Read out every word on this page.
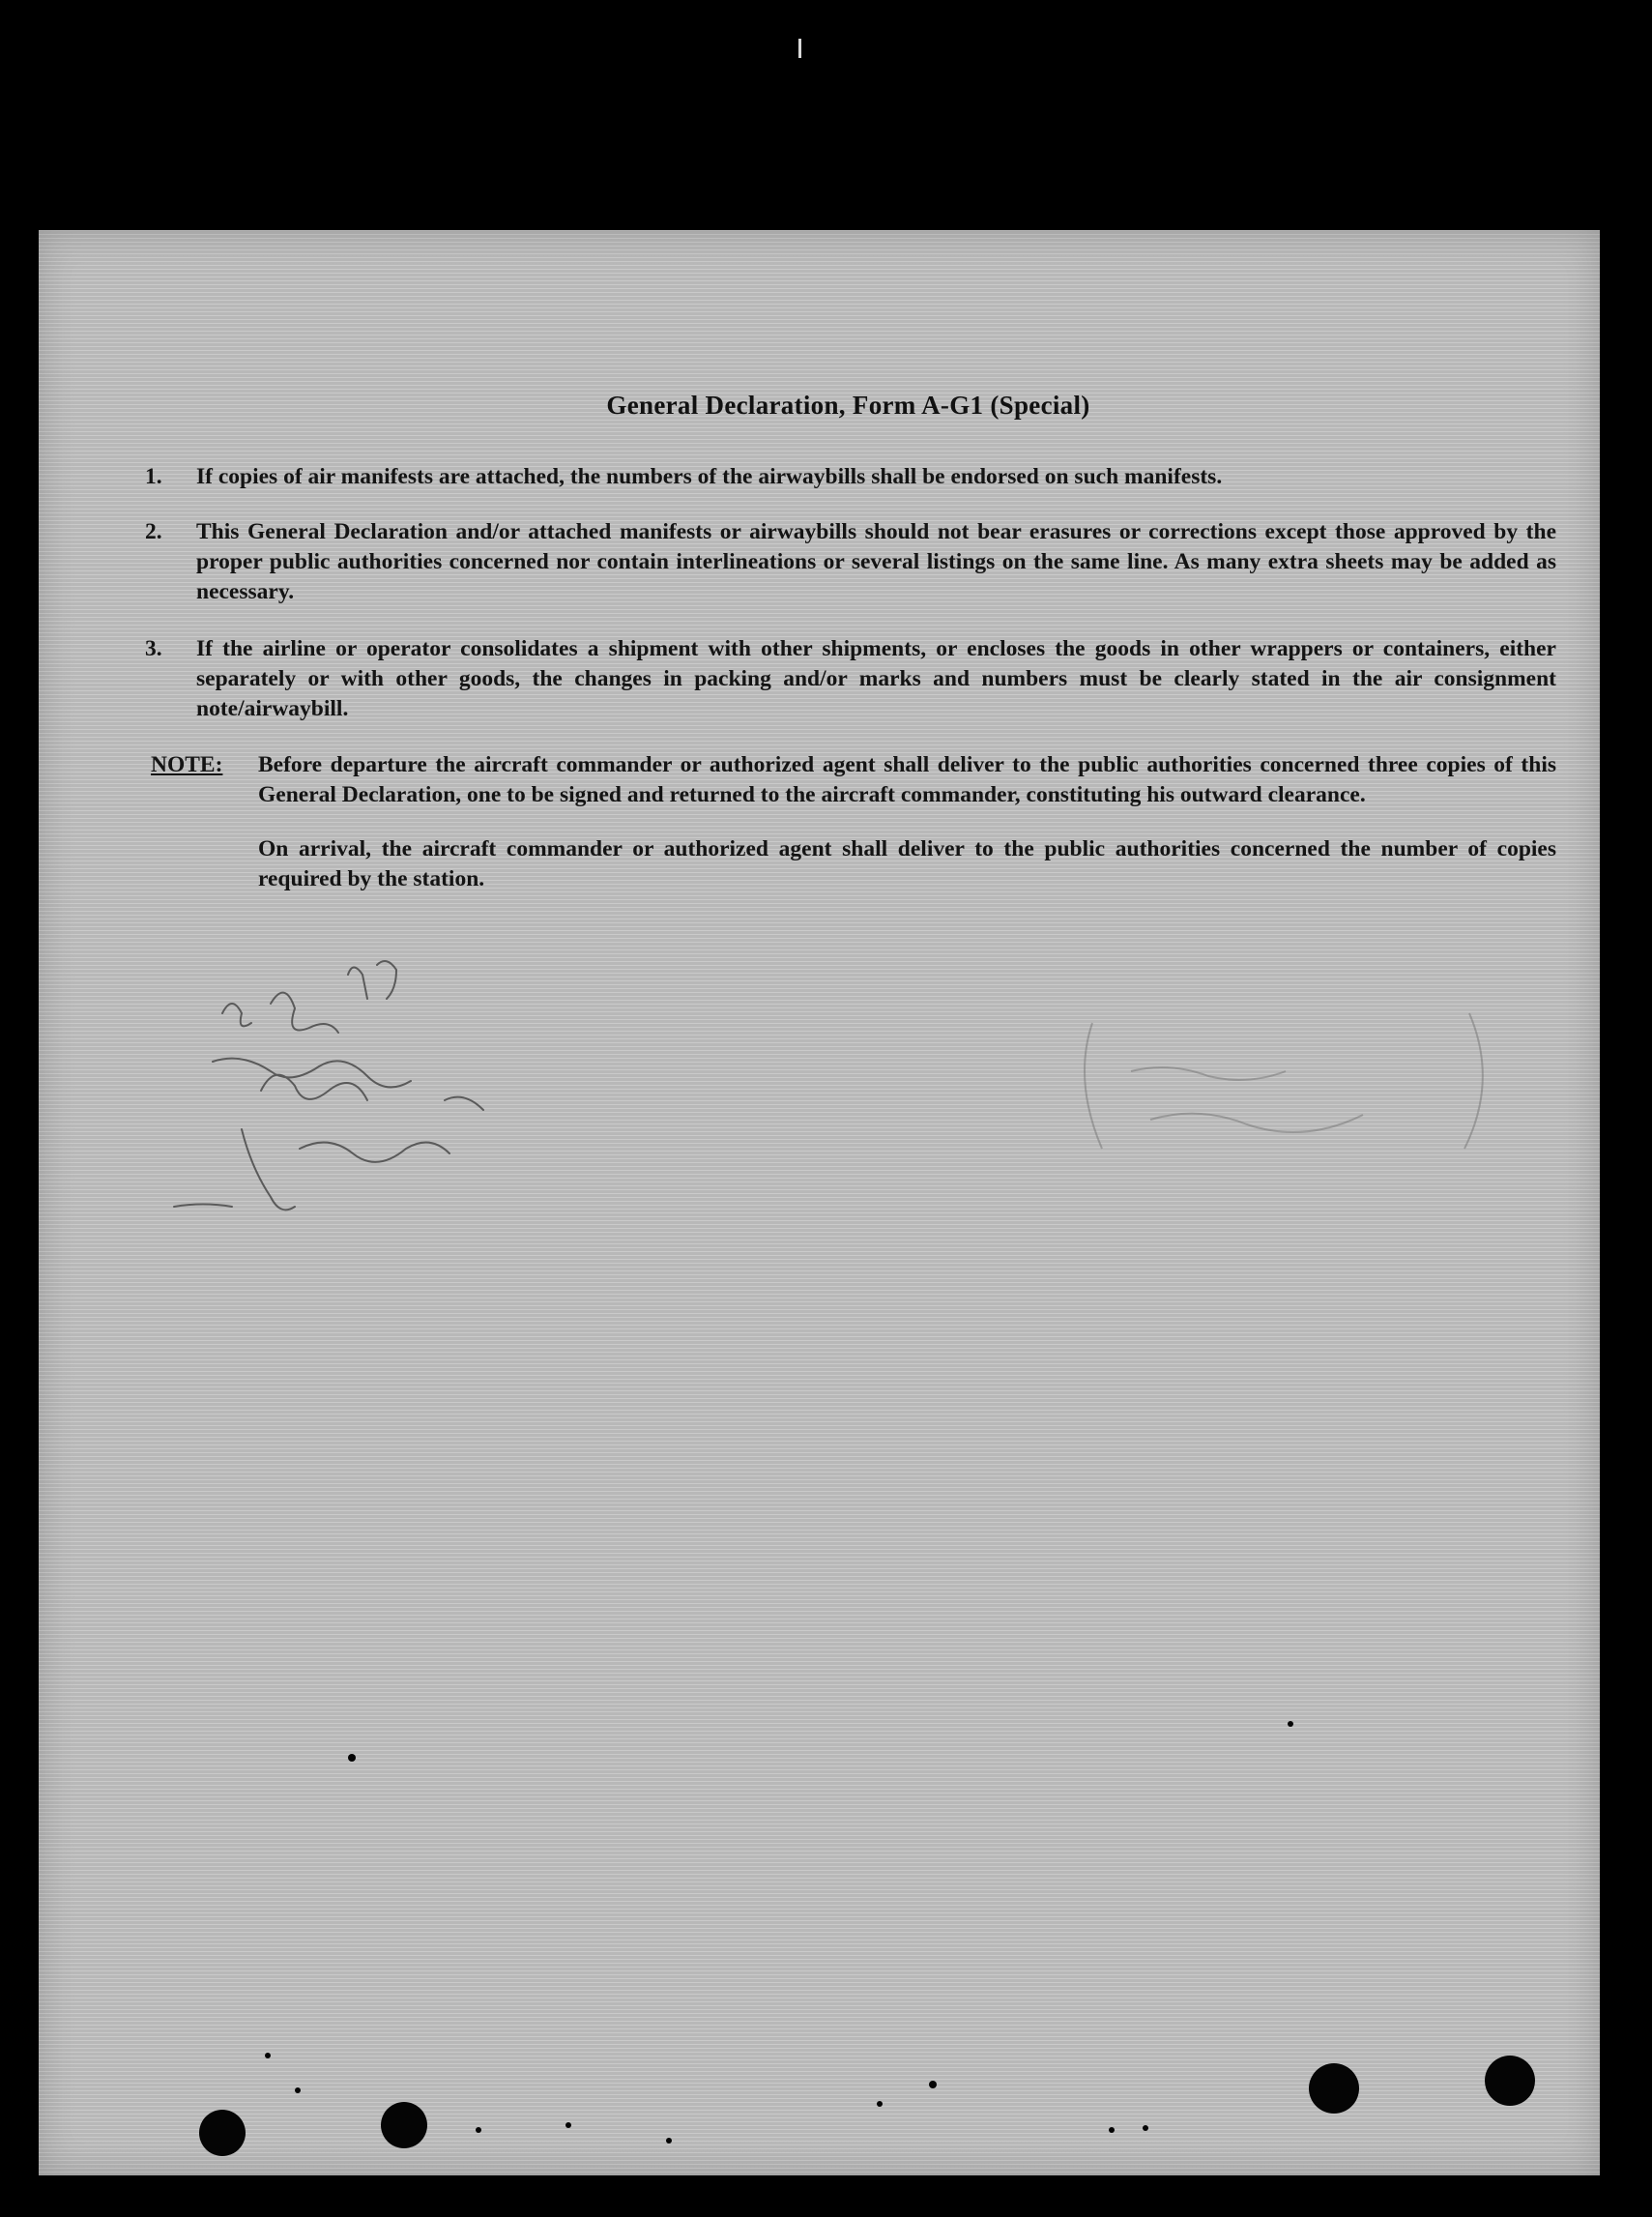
General Declaration, Form A-G1 (Special)
1. If copies of air manifests are attached, the numbers of the airwaybills shall be endorsed on such manifests.
2. This General Declaration and/or attached manifests or airwaybills should not bear erasures or corrections except those approved by the proper public authorities concerned nor contain interlineations or several listings on the same line. As many extra sheets may be added as necessary.
3. If the airline or operator consolidates a shipment with other shipments, or encloses the goods in other wrappers or containers, either separately or with other goods, the changes in packing and/or marks and numbers must be clearly stated in the air consignment note/airwaybill.
NOTE: Before departure the aircraft commander or authorized agent shall deliver to the public authorities concerned three copies of this General Declaration, one to be signed and returned to the aircraft commander, constituting his outward clearance.

On arrival, the aircraft commander or authorized agent shall deliver to the public authorities concerned the number of copies required by the station.
